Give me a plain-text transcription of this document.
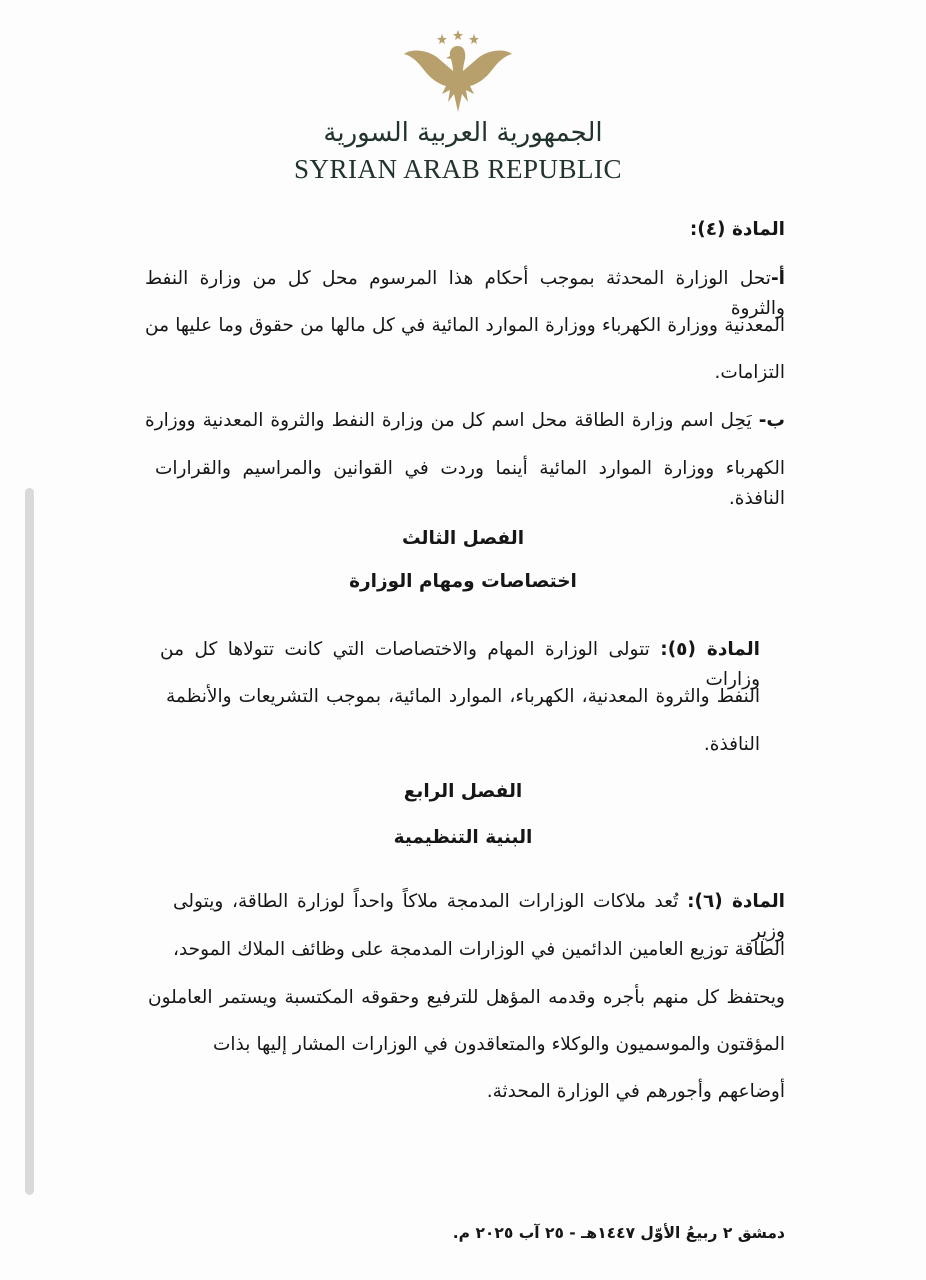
الجمهورية العربية السورية
SYRIAN ARAB REPUBLIC
المادة (٤):
أ-تحل الوزارة المحدثة بموجب أحكام هذا المرسوم محل كل من وزارة النفط والثروة
المعدنية ووزارة الكهرباء ووزارة الموارد المائية في كل مالها من حقوق وما عليها من
التزامات.
ب- يَحِل اسم وزارة الطاقة محل اسم كل من وزارة النفط والثروة المعدنية ووزارة
الكهرباء ووزارة الموارد المائية أينما وردت في القوانين والمراسيم والقرارات النافذة.
الفصل الثالث
اختصاصات ومهام الوزارة
المادة (٥): تتولى الوزارة المهام والاختصاصات التي كانت تتولاها كل من وزارات
النفط والثروة المعدنية، الكهرباء، الموارد المائية، بموجب التشريعات والأنظمة
النافذة.
الفصل الرابع
البنية التنظيمية
المادة (٦): تُعد ملاكات الوزارات المدمجة ملاكاً واحداً لوزارة الطاقة، ويتولى وزير
الطاقة توزيع العامين الدائمين في الوزارات المدمجة على وظائف الملاك الموحد،
ويحتفظ كل منهم بأجره وقدمه المؤهل للترفيع وحقوقه المكتسبة ويستمر العاملون
المؤقتون والموسميون والوكلاء والمتعاقدون في الوزارات المشار إليها بذات
أوضاعهم وأجورهم في الوزارة المحدثة.
دمشق ٢ ربيعُ الأوّل ١٤٤٧هـ - ٢٥ آب ٢٠٢٥ م.
